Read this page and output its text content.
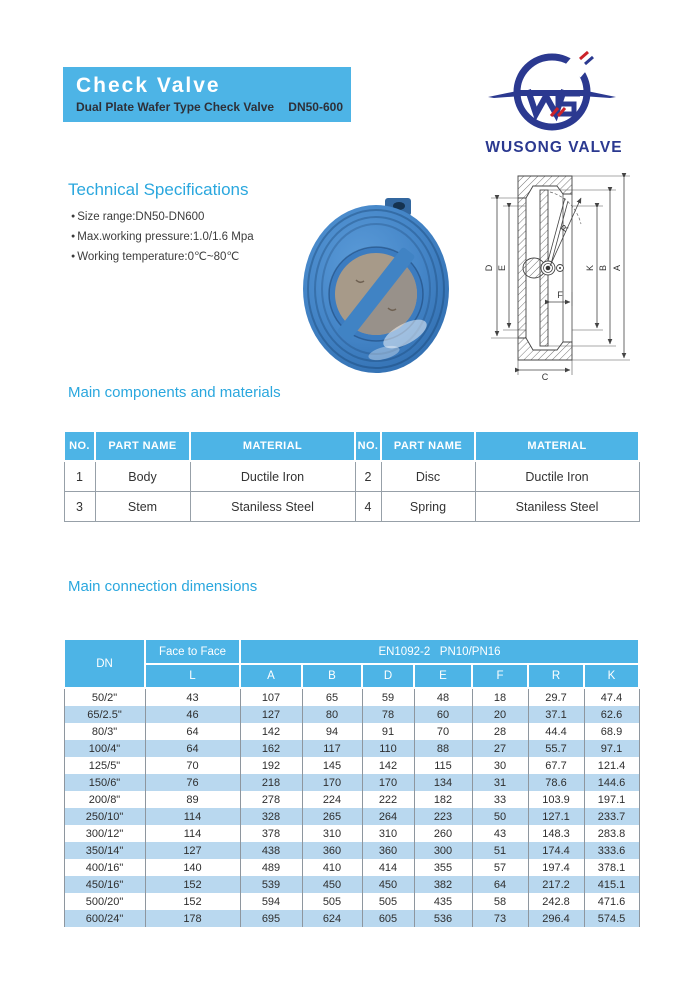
Check Valve
Dual Plate Wafer Type Check Valve DN50-600
WUSONG VALVE
Technical Specifications
● Size range:DN50-DN600
● Max.working pressure:1.0/1.6 Mpa
● Working temperature:0℃~80℃
D E
R
F
K B A
C
Main components and materials
NO.	PART NAME	MATERIAL	NO.	PART NAME	MATERIAL
1	Body	Ductile Iron	2	Disc	Ductile Iron
3	Stem	Staniless Steel	4	Spring	Staniless Steel
Main connection dimensions
DN	Face to Face	EN1092-2   PN10/PN16						
	L	A	B	D	E	F	R	K
50/2"	43	107	65	59	48	18	29.7	47.4
65/2.5"	46	127	80	78	60	20	37.1	62.6
80/3"	64	142	94	91	70	28	44.4	68.9
100/4"	64	162	117	110	88	27	55.7	97.1
125/5"	70	192	145	142	115	30	67.7	121.4
150/6"	76	218	170	170	134	31	78.6	144.6
200/8"	89	278	224	222	182	33	103.9	197.1
250/10"	114	328	265	264	223	50	127.1	233.7
300/12"	114	378	310	310	260	43	148.3	283.8
350/14"	127	438	360	360	300	51	174.4	333.6
400/16"	140	489	410	414	355	57	197.4	378.1
450/16"	152	539	450	450	382	64	217.2	415.1
500/20"	152	594	505	505	435	58	242.8	471.6
600/24"	178	695	624	605	536	73	296.4	574.5
